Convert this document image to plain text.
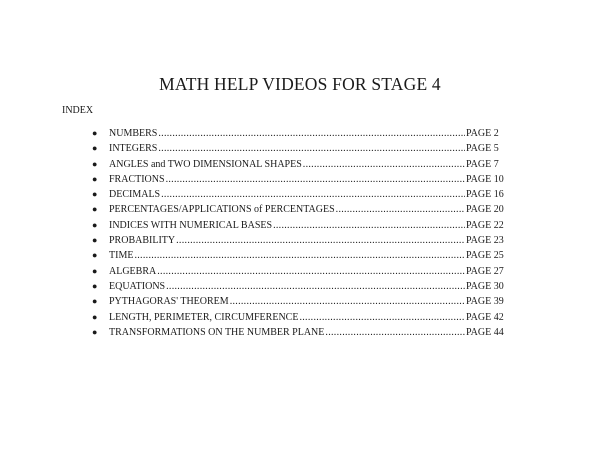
MATH HELP VIDEOS FOR STAGE 4
INDEX
●	NUMBERS .....	PAGE 2
●	INTEGERS .....	PAGE 5
●	ANGLES and TWO DIMENSIONAL SHAPES .....	PAGE 7
●	FRACTIONS .....	PAGE 10
●	DECIMALS .....	PAGE 16
●	PERCENTAGES/APPLICATIONS of PERCENTAGES .....	PAGE 20
●	INDICES WITH NUMERICAL BASES .....	PAGE 22
●	PROBABILITY .....	PAGE 23
●	TIME .....	PAGE 25
●	ALGEBRA .....	PAGE 27
●	EQUATIONS .....	PAGE 30
●	PYTHAGORAS' THEOREM .....	PAGE 39
●	LENGTH, PERIMETER, CIRCUMFERENCE .....	PAGE 42
●	TRANSFORMATIONS ON THE NUMBER PLANE .....	PAGE 44
